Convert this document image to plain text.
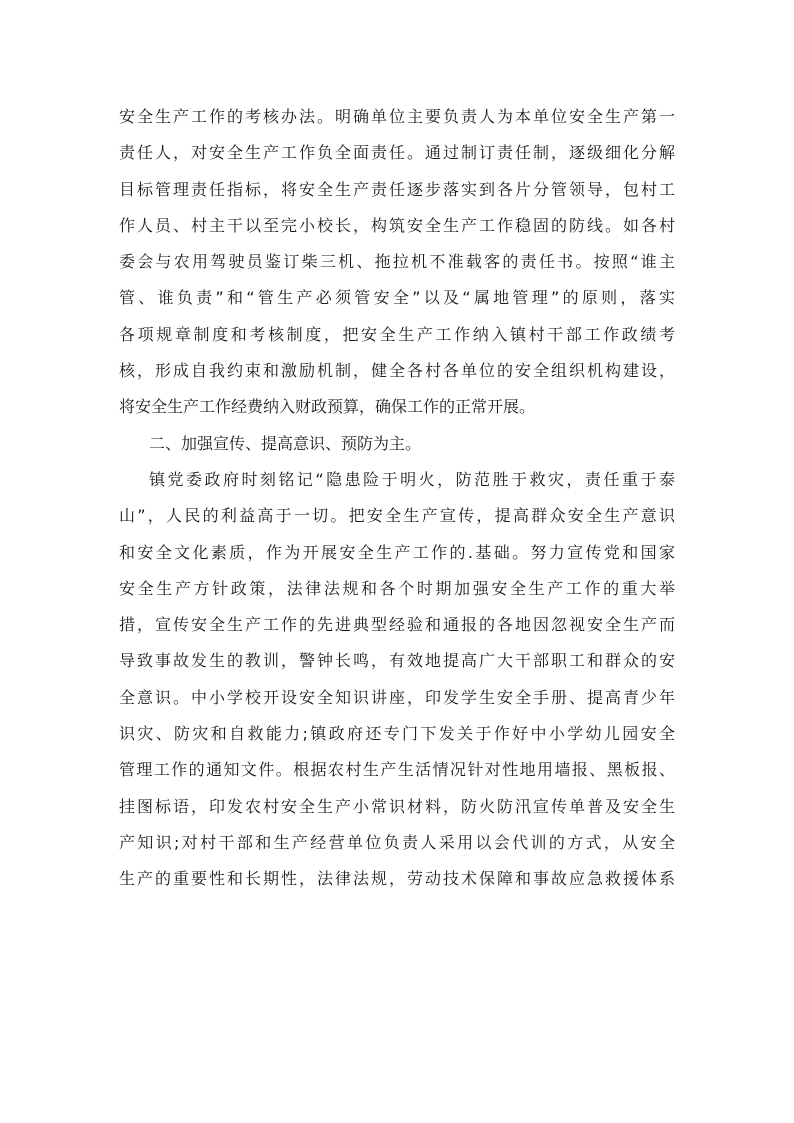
安全生产工作的考核办法。明确单位主要负责人为本单位安全生产第一
责任人，对安全生产工作负全面责任。通过制订责任制，逐级细化分解
目标管理责任指标，将安全生产责任逐步落实到各片分管领导，包村工
作人员、村主干以至完小校长，构筑安全生产工作稳固的防线。如各村
委会与农用驾驶员鉴订柴三机、拖拉机不准载客的责任书。按照“谁主
管、谁负责”和“管生产必须管安全”以及“属地管理”的原则，落实
各项规章制度和考核制度，把安全生产工作纳入镇村干部工作政绩考
核，形成自我约束和激励机制，健全各村各单位的安全组织机构建设，
将安全生产工作经费纳入财政预算，确保工作的正常开展。
二、加强宣传、提高意识、预防为主。
镇党委政府时刻铭记“隐患险于明火，防范胜于救灾，责任重于泰
山”，人民的利益高于一切。把安全生产宣传，提高群众安全生产意识
和安全文化素质，作为开展安全生产工作的.基础。努力宣传党和国家
安全生产方针政策，法律法规和各个时期加强安全生产工作的重大举
措，宣传安全生产工作的先进典型经验和通报的各地因忽视安全生产而
导致事故发生的教训，警钟长鸣，有效地提高广大干部职工和群众的安
全意识。中小学校开设安全知识讲座，印发学生安全手册、提高青少年
识灾、防灾和自救能力;镇政府还专门下发关于作好中小学幼儿园安全
管理工作的通知文件。根据农村生产生活情况针对性地用墙报、黑板报、
挂图标语，印发农村安全生产小常识材料，防火防汛宣传单普及安全生
产知识;对村干部和生产经营单位负责人采用以会代训的方式，从安全
生产的重要性和长期性，法律法规，劳动技术保障和事故应急救援体系
